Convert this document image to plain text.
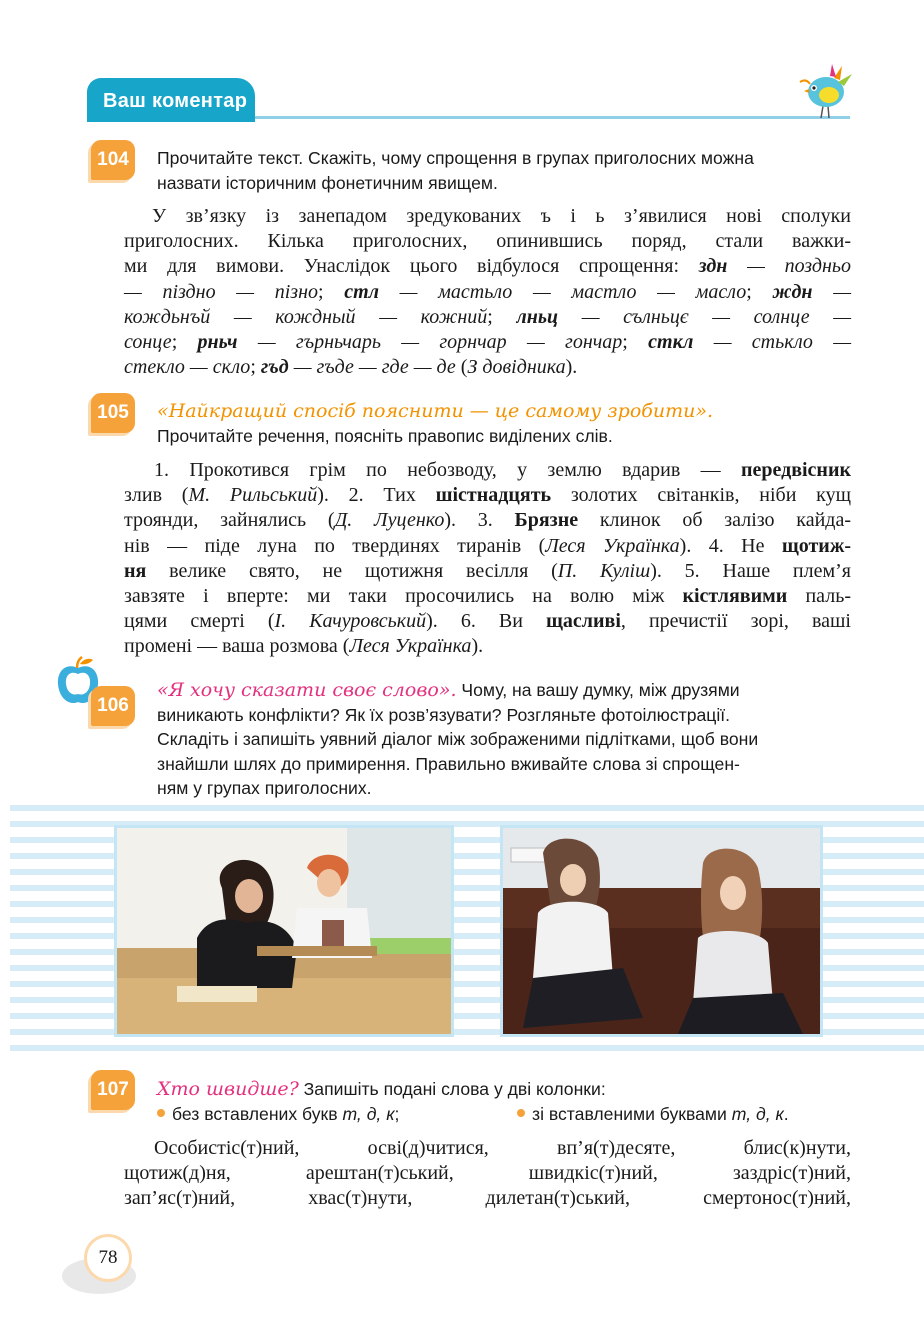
Ваш коментар
104	Прочитайте текст. Скажіть, чому спрощення в групах приголосних можна
назвати історичним фонетичним явищем.
У зв’язку із занепадом зредукованих ъ і ь з’явилися нові сполуки
приголосних. Кілька приголосних, опинившись поряд, стали важки-
ми для вимови. Унаслідок цього відбулося спрощення: здн — поздньо
— піздно — пізно; стл — мастьло — мастло — масло; ждн —
кождьнъй — кождный — кожний; лньц — сълньцє — солнце —
сонце; рньч — гърньчарь — горнчар — гончар; сткл — стькло —
стекло — скло; гъд — гъде — где — де (З довідника).
105	«Найкращий спосіб пояснити — це самому зробити».
Прочитайте речення, поясніть правопис виділених слів.
1. Прокотився грім по небозводу, у землю вдарив — передвісник
злив (М. Рильський). 2. Тих шістнадцять золотих світанків, ніби кущ
троянди, зайнялись (Д. Луценко). 3. Брязне клинок об залізо кайда-
нів — піде луна по твердинях тиранів (Леся Українка). 4. Не щотиж-
ня велике свято, не щотижня весілля (П. Куліш). 5. Наше плем’я
завзяте і вперте: ми таки просочились на волю між кістлявими паль-
цями смерті (І. Качуровський). 6. Ви щасливі, пречистії зорі, ваші
промені — ваша розмова (Леся Українка).
106
«Я хочу сказати своє слово». Чому, на вашу думку, між друзями
виникають конфлікти? Як їх розв’язувати? Розгляньте фотоілюстрації.
Складіть і запишіть уявний діалог між зображеними підлітками, щоб вони
знайшли шлях до примирення. Правильно вживайте слова зі спрощен-
ням у групах приголосних.
107	Хто швидше? Запишіть подані слова у дві колонки:
без вставлених букв т, д, к;	зі вставленими буквами т, д, к.
Особистіс(т)ний, осві(д)читися, вп’я(т)десяте, блис(к)нути,
щотиж(д)ня, арештан(т)ський, швидкіс(т)ний, заздріс(т)ний,
зап’яс(т)ний, хвас(т)нути, дилетан(т)ський, смертонос(т)ний,
78
